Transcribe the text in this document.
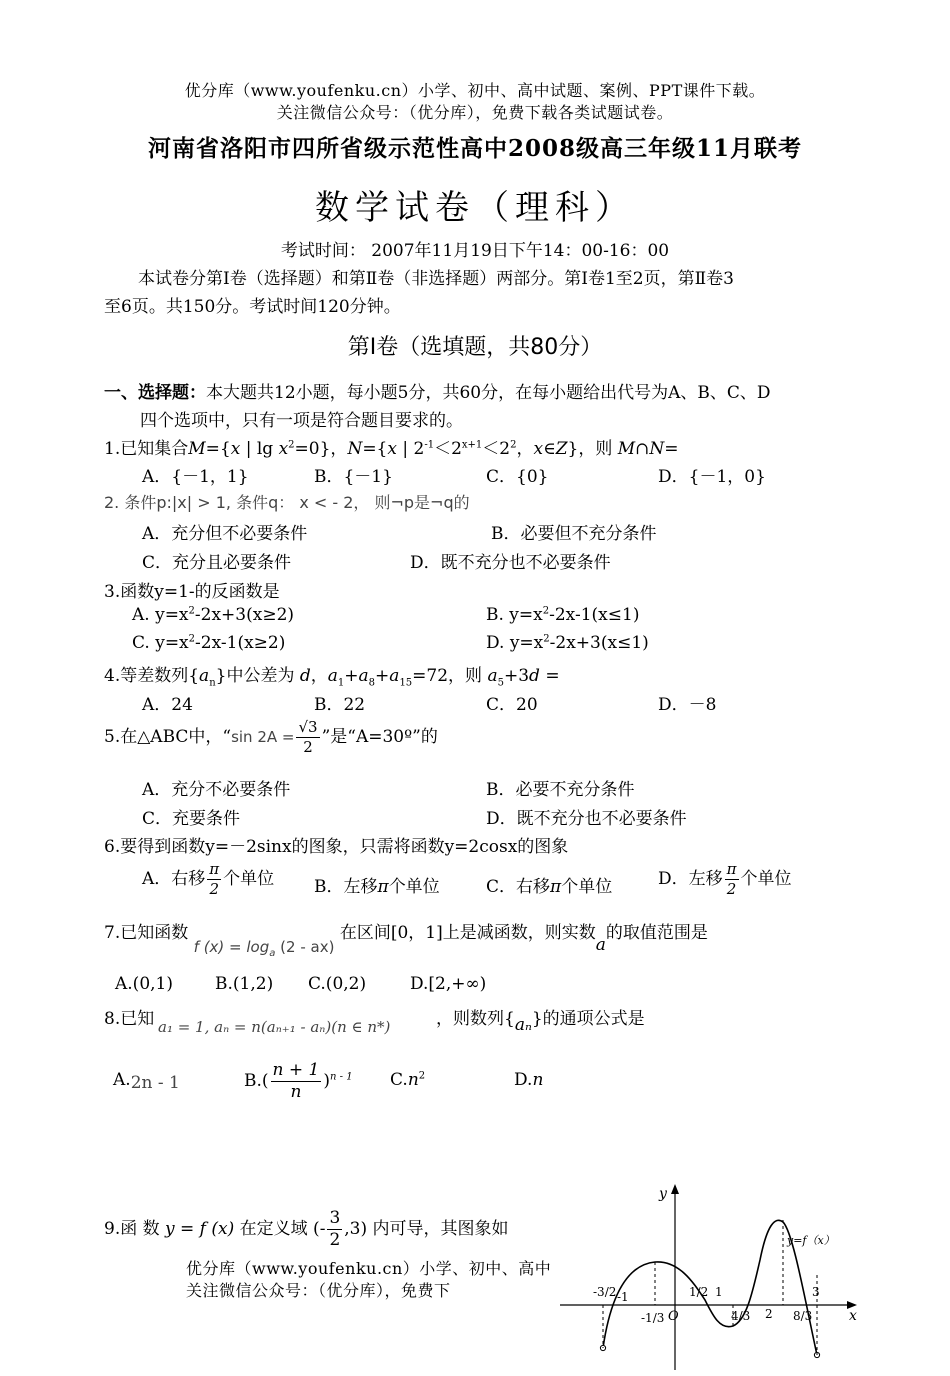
优分库（www.youfenku.cn）小学、初中、高中试题、案例、PPT课件下载。
关注微信公众号：（优分库），免费下载各类试题试卷。
河南省洛阳市四所省级示范性高中2008级高三年级11月联考
数学试卷（理科）
考试时间： 2007年11月19日下午14：00-16：00
本试卷分第Ⅰ卷（选择题）和第Ⅱ卷（非选择题）两部分。第Ⅰ卷1至2页，第Ⅱ卷3
至6页。共150分。考试时间120分钟。
第Ⅰ卷（选填题，共80分）
一、选择题：本大题共12小题，每小题5分，共60分，在每小题给出代号为A、B、C、D
四个选项中，只有一项是符合题目要求的。
1.已知集合M={x | $\lg x^2=0$}，N={x | $2^{-1}<2^{x+1}<2^2$，x∈Z}，则 M∩N=
A．{－1，1}	B．{－1}	C．{0}	D．{－1，0}
2. 条件p:|x| > 1, 条件q： x < - 2， 则¬p是¬q的
A．充分但不必要条件	B．必要但不充分条件
C．充分且必要条件	D．既不充分也不必要条件
3.函数y=1-的反函数是
A. $y=x^2-2x+3(x\ge 2)$	B. $y=x^2-2x-1(x\le 1)$
C. $y=x^2-2x-1(x\ge 2)$	D. $y=x^2-2x+3(x\le 1)$
4.等差数列$\{a_n\}$中公差为 d，$a_1+a_8+a_{15}=72$，则 $a_5+3d$ =
A．24	B．22	C．20	D．－8
5.在△ABC中，“sin $2A = \frac{√3}{2}$ ”是“A=30º”的
A．充分不必要条件	B．必要不充分条件
C．充要条件	D．既不充分也不必要条件
6.要得到函数y=－2sinx的图象，只需将函数y=2cosx的图象
A．右移 $\frac{\pi}{2}$ 个单位 B．左移π个单位	C．右移π个单位	D．左移 $\frac{\pi}{2}$ 个单位
7.已知函数 f $(x) = \log_a (2 - ax)$ 在区间[0，1]上是减函数，则实数a的取值范围是
A.(0,1) B.(1,2) C.(0,2)	D.[2,+∞)
8.已知 a₁ = 1, aₙ = n(aₙ₊₁ - aₙ)(n ∈ n*)	，则数列{aₙ}的通项公式是
A.2n - 1	$B.( \frac{n + 1}{n} )^{n - 1}$ $C.n^2$	D.n
9.函 数 y = f (x) 在定义域 (- $\frac{3}{2} ,3$) 内可导，其图象如	则
优分库（www.youfenku.cn）小学、初中、高中
关注微信公众号：（优分库），免费下
y
x
O
y=f（x）
-3/2 -1
-1/3
1/2 1
4/3 2 8/3
3
